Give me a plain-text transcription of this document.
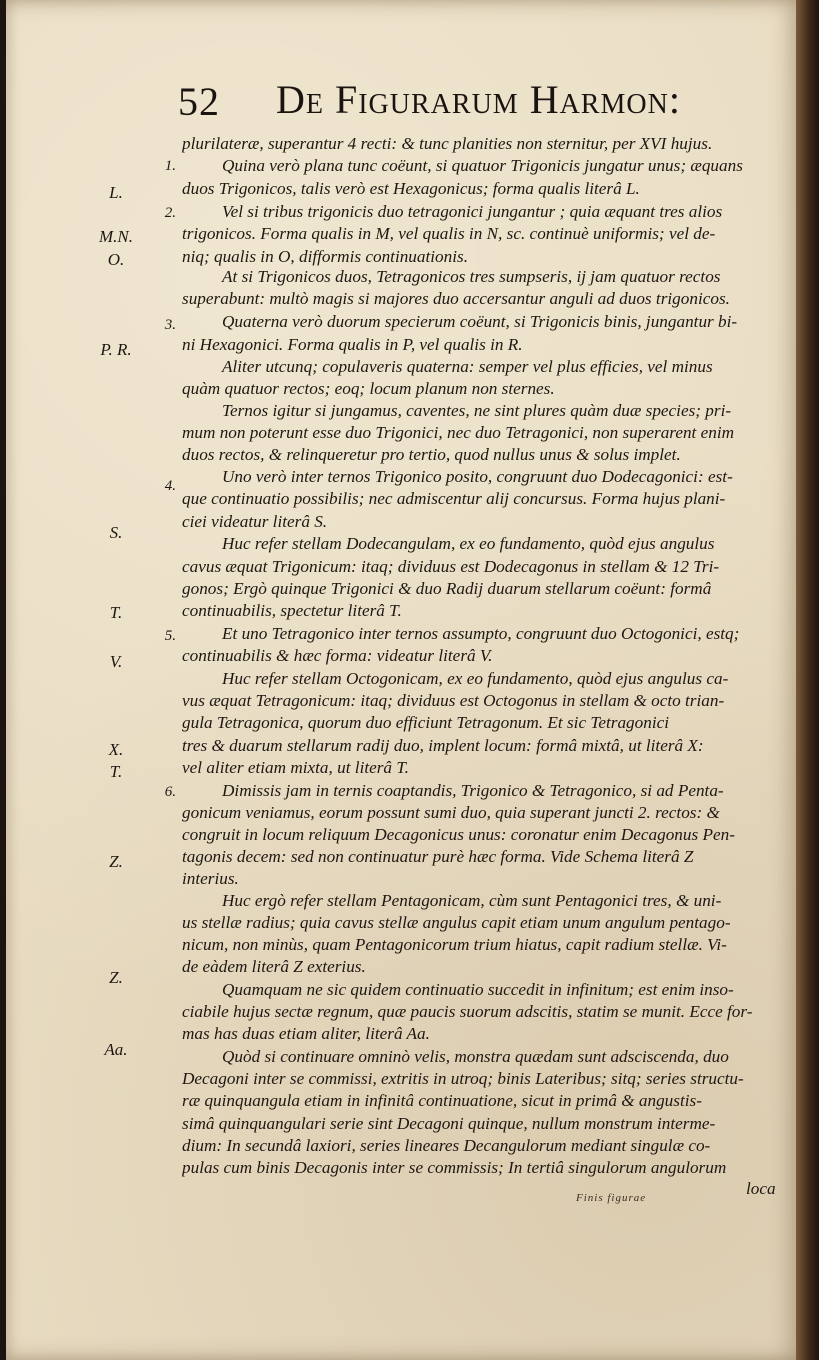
52 De Figurarum Harmon:
plurilateræ, superantur 4 recti: & tunc planities non sternitur, per XVI hujus.
Quina verò plana tunc coëunt, si quatuor Trigonicis jungatur unus; æquans
duos Trigonicos, talis verò est Hexagonicus; forma qualis literâ L.
Vel si tribus trigonicis duo tetragonici jungantur ; quia æquant tres alios
trigonicos. Forma qualis in M, vel qualis in N, sc. continuè uniformis; vel de-
niq; qualis in O, difformis continuationis.
At si Trigonicos duos, Tetragonicos tres sumpseris, ij jam quatuor rectos
superabunt: multò magis si majores duo accersantur anguli ad duos trigonicos.
Quaterna verò duorum specierum coëunt, si Trigonicis binis, jungantur bi-
ni Hexagonici. Forma qualis in P, vel qualis in R.
Aliter utcunq; copulaveris quaterna: semper vel plus efficies, vel minus
quàm quatuor rectos; eoq; locum planum non sternes.
Ternos igitur si jungamus, caventes, ne sint plures quàm duæ species; pri-
mum non poterunt esse duo Trigonici, nec duo Tetragonici, non superarent enim
duos rectos, & relinqueretur pro tertio, quod nullus unus & solus implet.
Uno verò inter ternos Trigonico posito, congruunt duo Dodecagonici: est-
que continuatio possibilis; nec admiscentur alij concursus. Forma hujus plani-
ciei videatur literâ S.
Huc refer stellam Dodecangulam, ex eo fundamento, quòd ejus angulus
cavus æquat Trigonicum: itaq; dividuus est Dodecagonus in stellam & 12 Tri-
gonos; Ergò quinque Trigonici & duo Radij duarum stellarum coëunt: formâ
continuabilis, spectetur literâ T.
Et uno Tetragonico inter ternos assumpto, congruunt duo Octogonici, estq;
continuabilis & hæc forma: videatur literâ V.
Huc refer stellam Octogonicam, ex eo fundamento, quòd ejus angulus ca-
vus æquat Tetragonicum: itaq; dividuus est Octogonus in stellam & octo trian-
gula Tetragonica, quorum duo efficiunt Tetragonum. Et sic Tetragonici
tres & duarum stellarum radij duo, implent locum: formâ mixtâ, ut literâ X:
vel aliter etiam mixta, ut literâ T.
Dimissis jam in ternis coaptandis, Trigonico & Tetragonico, si ad Penta-
gonicum veniamus, eorum possunt sumi duo, quia superant juncti 2. rectos: &
congruit in locum reliquum Decagonicus unus: coronatur enim Decagonus Pen-
tagonis decem: sed non continuatur purè hæc forma. Vide Schema literâ Z
interius.
Huc ergò refer stellam Pentagonicam, cùm sunt Pentagonici tres, & uni-
us stellæ radius; quia cavus stellæ angulus capit etiam unum angulum pentago-
nicum, non minùs, quam Pentagonicorum trium hiatus, capit radium stellæ. Vi-
de eàdem literâ Z exterius.
Quamquam ne sic quidem continuatio succedit in infinitum; est enim inso-
ciabile hujus sectæ regnum, quæ paucis suorum adscitis, statim se munit. Ecce for-
mas has duas etiam aliter, literâ Aa.
Quòd si continuare omninò velis, monstra quædam sunt adsciscenda, duo
Decagoni inter se commissi, extritis in utroq; binis Lateribus; sitq; series structu-
ræ quinquangula etiam in infinitâ continuatione, sicut in primâ & angustis-
simâ quinquangulari serie sint Decagoni quinque, nullum monstrum interme-
dium: In secundâ laxiori, series lineares Decangulorum mediant singulæ co-
pulas cum binis Decagonis inter se commissis; In tertiâ singulorum angulorum
loca
1.
L.
2.
M.N.
O.
3.
P. R.
4.
S.
T.
5.
V.
X.
T.
6.
Z.
Z.
Aa.
Finis figurae
